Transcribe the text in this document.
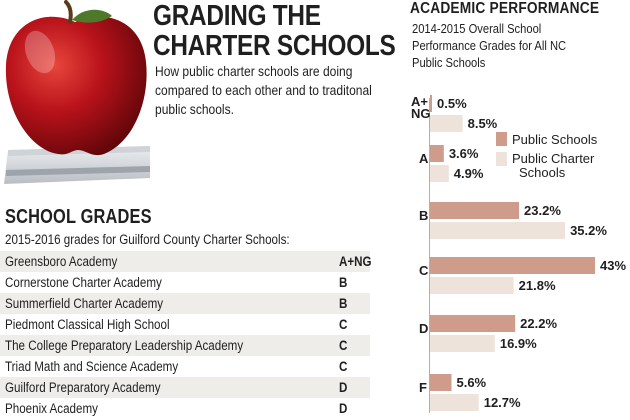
GRADING THE
CHARTER SCHOOLS
How public charter schools are doing compared to each other and to traditonal public schools.
SCHOOL GRADES
2015-2016 grades for Guilford County Charter Schools:
Greensboro Academy	A+NG
Cornerstone Charter Academy	B
Summerfield Charter Academy	B
Piedmont Classical High School	C
The College Preparatory Leadership Academy	C
Triad Math and Science Academy	C
Guilford Preparatory Academy	D
Phoenix Academy	D
ACADEMIC PERFORMANCE
2014-2015 Overall School Performance Grades for All NC Public Schools
A+
NG
0.5%
8.5%
A 3.6%
4.9%
B	23.2%
35.2%
C	43%
21.8%
D	22.2%
16.9%
F 5.6%
12.7%
Public Schools
Public Charter
Schools
